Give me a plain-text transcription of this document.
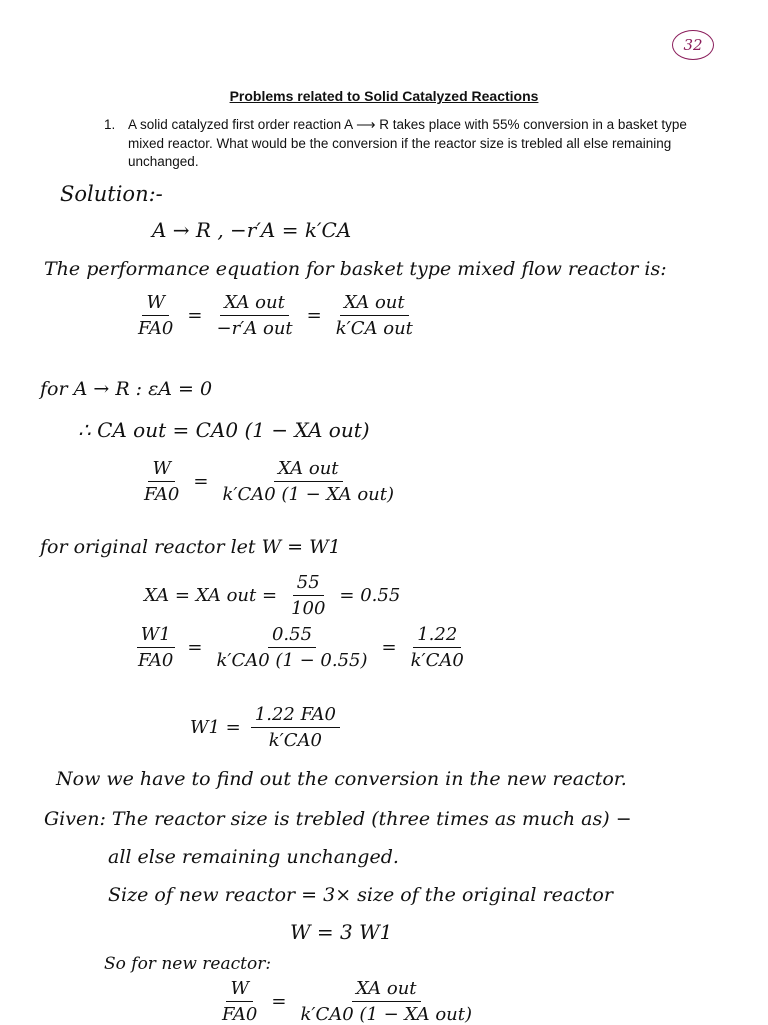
32
Problems related to Solid Catalyzed Reactions
1. A solid catalyzed first order reaction A ⟶ R takes place with 55% conversion in a basket type mixed reactor. What would be the conversion if the reactor size is trebled all else remaining unchanged.
Solution:-
A → R , −r′A = k′CA
The performance equation for basket type mixed flow reactor is:
$\frac{W}{FA0} = \frac{\text{XA out}}{\text{−r′A out}} = \frac{\text{XA out}}{\text{k′CA out}}$
for A → R : εA = 0
∴ CA out = CA0 (1 − XA out)
$\frac{W}{FA0} = \frac{\text{XA out}}{\text{k′CA0 (1 − XA out)}}$
for original reactor let W = W1
XA = XA out = $\frac{55}{100} = 0.55$
$\frac{W1}{FA0} = \frac{0.55}{k'CA0 (1 - 0.55)} = \frac{1.22}{k'CA0}$
$W1 = \frac{1.22 FA0}{k'CA0}$
Now we have to find out the conversion in the new reactor.
Given: The reactor size is trebled (three times as much as) −
all else remaining unchanged.
Size of new reactor = 3× size of the original reactor
W = 3 W1
So for new reactor:
$\frac{W}{FA0} = \frac{\text{XA out}}{\text{k′CA0 (1 − XA out)}}$
